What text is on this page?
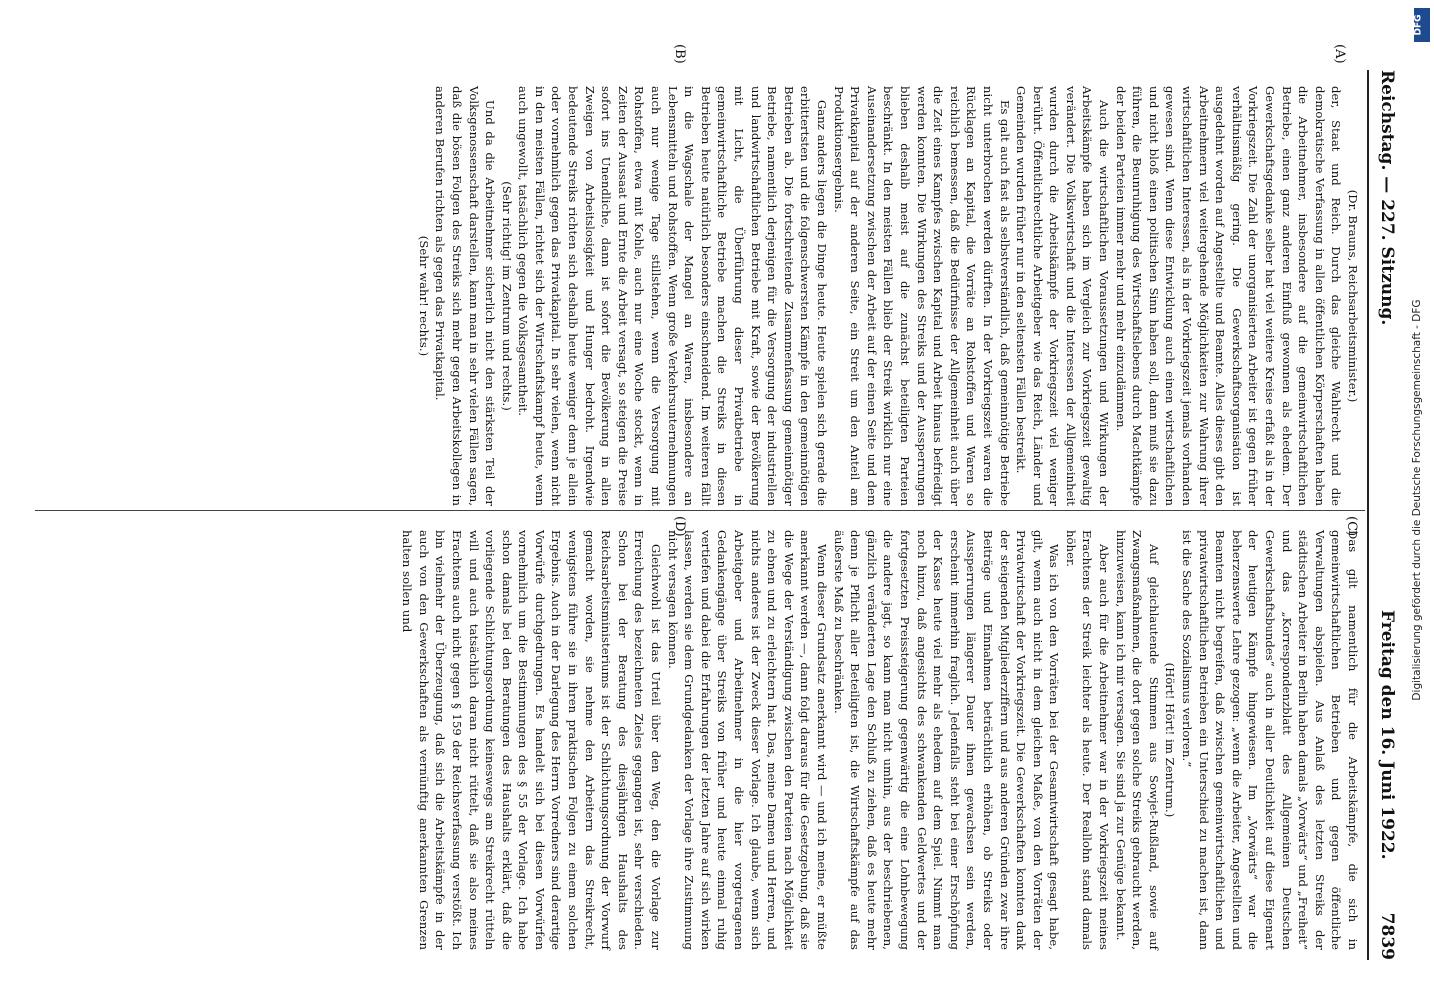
Reichstag. — 227. Sitzung.
Freitag den 16. Juni 1922.
7839
(A)
(B)
(C)
(D)

(Dr. Brauns, Reichsarbeitsminister.)

der, Staat und Reich. Durch das gleiche Wahlrecht und die demokratische Verfassung in allen öffentlichen Körperschaften haben die Arbeitnehmer, insbesondere auf die gemeinwirtschaftlichen Betriebe, einen ganz anderen Einfluß gewonnen als ehedem. Der Gewerkschaftsgedanke selber hat viel weitere Kreise erfaßt als in der Vorkriegszeit. Die Zahl der unorganisierten Arbeiter ist gegen früher verhältnismäßig gering. Die Gewerkschaftsorganisation ist ausgedehnt worden auf Angestellte und Beamte. Alles dieses gibt den Arbeitnehmern viel weitergehende Möglichkeiten zur Wahrung ihrer wirtschaftlichen Interessen, als in der Vorkriegszeit jemals vorhanden gewesen sind. Wenn diese Entwicklung auch einen wirtschaftlichen und nicht bloß einen politischen Sinn haben soll, dann muß sie dazu führen, die Beunruhigung des Wirtschaftslebens durch Machtkämpfe der beiden Parteien immer mehr und mehr einzudämmen.

Auch die wirtschaftlichen Voraussetzungen und Wirkungen der Arbeitskämpfe haben sich im Vergleich zur Vorkriegszeit gewaltig verändert. Die Volkswirtschaft und die Interessen der Allgemeinheit wurden durch die Arbeitskämpfe der Vorkriegszeit viel weniger berührt. Öffentlichrechtliche Arbeitgeber wie das Reich, Länder und Gemeinden wurden früher nur in den seltensten Fällen bestreikt.

Es galt auch fast als selbstverständlich, daß gemeinnötige Betriebe nicht unterbrochen werden dürften. In der Vorkriegszeit waren die Rücklagen an Kapital, die Vorräte an Rohstoffen und Waren so reichlich bemessen, daß die Bedürfnisse der Allgemeinheit auch über die Zeit eines Kampfes zwischen Kapital und Arbeit hinaus befriedigt werden konnten. Die Wirkungen des Streiks und der Aussperrungen blieben deshalb meist auf die zunächst beteiligten Parteien beschränkt. In den meisten Fällen blieb der Streik wirklich nur eine Auseinandersetzung zwischen der Arbeit auf der einen Seite und dem Privatkapital auf der anderen Seite, ein Streit um den Anteil am Produktionsergebnis.

Ganz anders liegen die Dinge heute. Heute spielen sich gerade die erbittertsten und die folgenschwersten Kämpfe in den gemeinnötigen Betrieben ab. Die fortschreitende Zusammenfassung gemeinnötiger Betriebe, namentlich derjenigen für die Versorgung der industriellen und landwirtschaftlichen Betriebe mit Kraft, sowie der Bevölkerung mit Licht, die Überführung dieser Privatbetriebe in gemeinwirtschaftliche Betriebe machen die Streiks in diesen Betrieben heute natürlich besonders einschneidend. Im weiteren fällt in die Wagschale der Mangel an Waren, insbesondere an Lebensmitteln und Rohstoffen. Wenn große Verkehrsunternehmungen auch nur wenige Tage stillstehen, wenn die Versorgung mit Rohstoffen, etwa mit Kohle, auch nur eine Woche stockt, wenn in Zeiten der Aussaat und Ernte die Arbeit versagt, so steigen die Preise sofort ins Unendliche, dann ist sofort die Bevölkerung in allen Zweigen von Arbeitslosigkeit und Hunger bedroht. Irgendwie bedeutende Streiks richten sich deshalb heute weniger denn je allein oder vornehmlich gegen das Privatkapital. In sehr vielen, wenn nicht in den meisten Fällen, richtet sich der Wirtschaftskampf heute, wenn auch ungewollt, tatsächlich gegen die Volksgesamtheit.

(Sehr richtig! im Zentrum und rechts.)

Und da die Arbeitnehmer sicherlich nicht den stärksten Teil der Volksgenossenschaft darstellen, kann man in sehr vielen Fällen sagen, daß die bösen Folgen des Streiks sich mehr gegen Arbeitskollegen in anderen Berufen richten als gegen das Privatkapital.

(Sehr wahr! rechts.)

Das gilt namentlich für die Arbeitskämpfe, die sich in gemeinwirtschaftlichen Betrieben und gegen öffentliche Verwaltungen abspielen. Aus Anlaß des letzten Streiks der städtischen Arbeiter in Berlin haben damals „Vorwärts“ und „Freiheit“ und das „Korrespondenzblatt des Allgemeinen Deutschen Gewerkschaftsbundes“ auch in aller Deutlichkeit auf diese Eigenart der heutigen Kämpfe hingewiesen. Im „Vorwärts“ war die beherzenswerte Lehre gezogen: „wenn die Arbeiter, Angestellten und Beamten nicht begreifen, daß zwischen gemeinwirtschaftlichen und privatwirtschaftlichen Betrieben ein Unterschied zu machen ist, dann ist die Sache des Sozialismus verloren.“

(Hört! Hört! im Zentrum.)

Auf gleichlautende Stimmen aus Sowjet-Rußland, sowie auf Zwangsmaßnahmen, die dort gegen solche Streiks gebraucht werden, hinzuweisen, kann ich mir versagen. Sie sind ja zur Genüge bekannt.

Aber auch für die Arbeitnehmer war in der Vorkriegszeit meines Erachtens der Streik leichter als heute. Der Reallohn stand damals höher.

Was ich von den Vorräten bei der Gesamtwirtschaft gesagt habe, gilt, wenn auch nicht in dem gleichen Maße, von den Vorräten der Privatwirtschaft der Vorkriegszeit. Die Gewerkschaften konnten dank der steigenden Mitgliederziffern und aus anderen Gründen zwar ihre Beiträge und Einnahmen beträchtlich erhöhen, ob Streiks oder Aussperrungen längerer Dauer ihnen gewachsen sein werden, erscheint immerhin fraglich. Jedenfalls steht bei einer Erschöpfung der Kasse heute viel mehr als ehedem auf dem Spiel. Nimmt man noch hinzu, daß angesichts des schwankenden Geldwertes und der fortgesetzten Preissteigerung gegenwärtig die eine Lohnbewegung die andere jagt, so kann man nicht umhin, aus der beschriebenen, gänzlich veränderten Lage den Schluß zu ziehen, daß es heute mehr denn je Pflicht aller Beteiligten ist, die Wirtschaftskämpfe auf das äußerste Maß zu beschränken.

Wenn dieser Grundsatz anerkannt wird — und ich meine, er müßte anerkannt werden —, dann folgt daraus für die Gesetzgebung, daß sie die Wege der Verständigung zwischen den Parteien nach Möglichkeit zu ebnen und zu erleichtern hat. Das, meine Damen und Herren, und nichts anderes ist der Zweck dieser Vorlage. Ich glaube, wenn sich Arbeitgeber und Arbeitnehmer in die hier vorgetragenen Gedankengänge über Streiks von früher und heute einmal ruhig vertiefen und dabei die Erfahrungen der letzten Jahre auf sich wirken lassen, werden sie dem Grundgedanken der Vorlage ihre Zustimmung nicht versagen können.

Gleichwohl ist das Urteil über den Weg, den die Vorlage zur Erreichung des bezeichneten Zieles gegangen ist, sehr verschieden. Schon bei der Beratung des diesjährigen Haushalts des Reichsarbeitsministeriums ist der Schlichtungsordnung der Vorwurf gemacht worden, sie nehme den Arbeitern das Streikrecht, wenigstens führe sie in ihren praktischen Folgen zu einem solchen Ergebnis. Auch in der Darlegung des Herrn Vorredners sind derartige Vorwürfe durchgedrungen. Es handelt sich bei diesen Vorwürfen vornehmlich um die Bestimmungen des § 55 der Vorlage. Ich habe schon damals bei den Beratungen des Haushalts erklärt, daß die vorliegende Schlichtungsordnung keineswegs am Streikrecht rütteln will und auch tatsächlich daran nicht rüttelt, daß sie also meines Erachtens auch nicht gegen § 159 der Reichsverfassung verstößt. Ich bin vielmehr der Überzeugung, daß sich die Arbeitskämpfe in der auch von den Gewerkschaften als vernünftig anerkannten Grenzen halten sollen und

DFG
Digitalisierung gefördert durch die Deutsche Forschungsgemeinschaft - DFG
